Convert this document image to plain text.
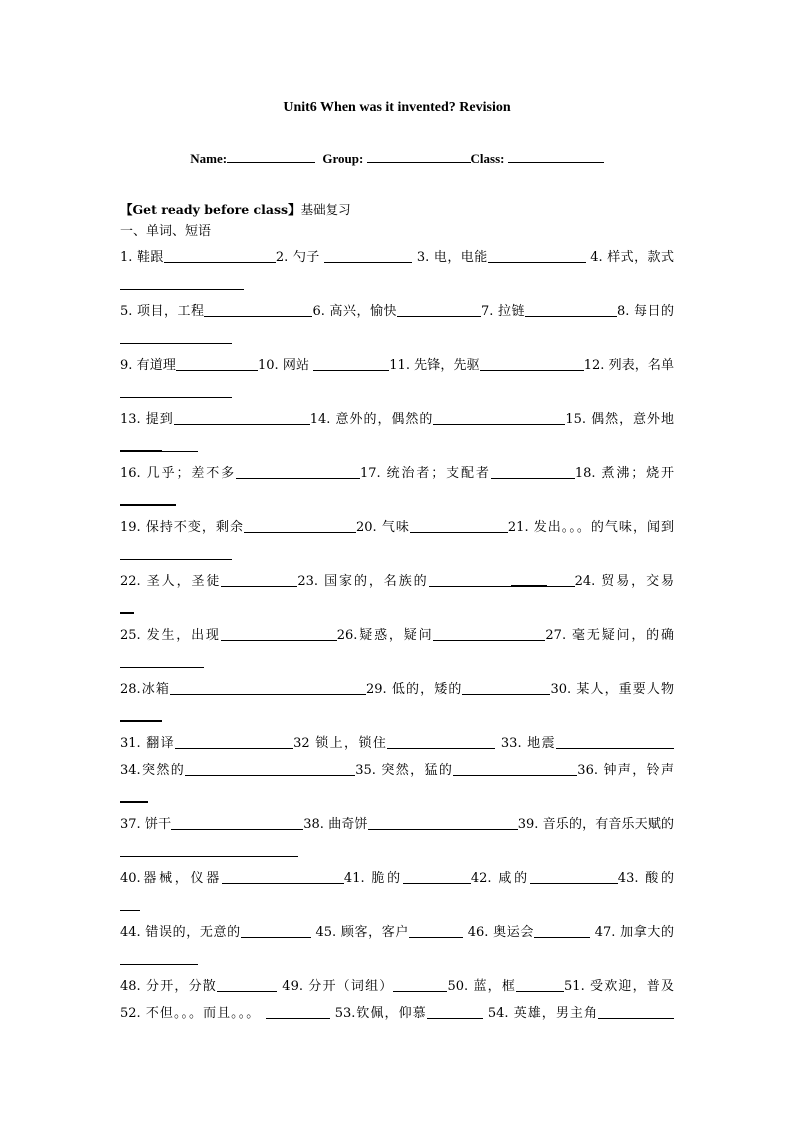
Unit6 When was it invented? Revision
Name:	Group:	Class:
【Get ready before class】基础复习
一、单词、短语

1. 鞋跟	2. 勺子	3. 电，电能	4. 样式，款式

5. 项目，工程	6. 高兴，愉快	7. 拉链	8. 每日的

9. 有道理	10. 网站	11. 先锋，先驱	12. 列表，名单

13. 提到	14. 意外的，偶然的	15. 偶然，意外地

16. 几乎；差不多	17. 统治者；支配者	18. 煮沸；烧开

19. 保持不变，剩余	20. 气味	21. 发出。。。的气味，闻到

22. 圣人，圣徒	23. 国家的，名族的	24. 贸易，交易

25. 发生，出现	26.疑惑，疑问	27. 毫无疑问，的确

28.冰箱	29. 低的，矮的	30. 某人，重要人物

31. 翻译	32 锁上，锁住	33. 地震

34.突然的	35. 突然，猛的	36. 钟声，铃声

37. 饼干	38. 曲奇饼	39. 音乐的，有音乐天赋的

40.器械，仪器	41. 脆的	42. 咸的	43. 酸的

44. 错误的，无意的	45. 顾客，客户	46. 奥运会	47. 加拿大的

48. 分开，分散	49. 分开（词组）	50. 蓝，框	51. 受欢迎，普及

52. 不但。。。而且。。。	53.钦佩，仰慕	54. 英雄，男主角
